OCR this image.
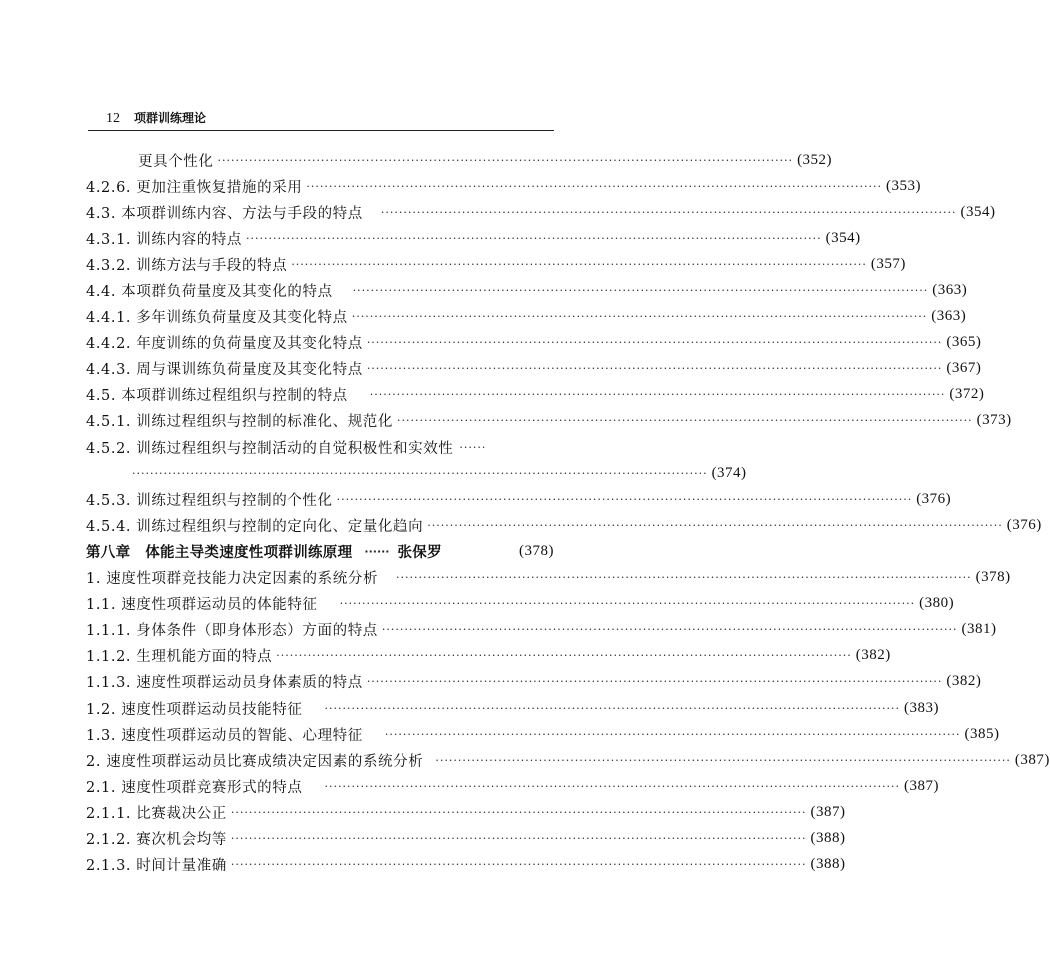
12 项群训练理论
更具个性化 ································································································································ (352)
4.2.6. 更加注重恢复措施的采用 ································································································································ (353)
4.3. 本项群训练内容、方法与手段的特点 ································································································································ (354)
4.3.1. 训练内容的特点 ································································································································ (354)
4.3.2. 训练方法与手段的特点 ································································································································ (357)
4.4. 本项群负荷量度及其变化的特点 ································································································································ (363)
4.4.1. 多年训练负荷量度及其变化特点 ································································································································ (363)
4.4.2. 年度训练的负荷量度及其变化特点 ································································································································ (365)
4.4.3. 周与课训练负荷量度及其变化特点 ································································································································ (367)
4.5. 本项群训练过程组织与控制的特点 ································································································································ (372)
4.5.1. 训练过程组织与控制的标准化、规范化 ································································································································ (373)
4.5.2. 训练过程组织与控制活动的自觉积极性和实效性 ······
································································································································ (374)
4.5.3. 训练过程组织与控制的个性化 ································································································································ (376)
4.5.4. 训练过程组织与控制的定向化、定量化趋向 ································································································································ (376)
第八章　体能主导类速度性项群训练原理 ······ 张保罗	(378)
1. 速度性项群竞技能力决定因素的系统分析 ································································································································ (378)
1.1. 速度性项群运动员的体能特征 ································································································································ (380)
1.1.1. 身体条件（即身体形态）方面的特点 ································································································································ (381)
1.1.2. 生理机能方面的特点 ································································································································ (382)
1.1.3. 速度性项群运动员身体素质的特点 ································································································································ (382)
1.2. 速度性项群运动员技能特征 ································································································································ (383)
1.3. 速度性项群运动员的智能、心理特征 ································································································································ (385)
2. 速度性项群运动员比赛成绩决定因素的系统分析 ································································································································ (387)
2.1. 速度性项群竞赛形式的特点 ································································································································ (387)
2.1.1. 比赛裁决公正 ································································································································ (387)
2.1.2. 赛次机会均等 ································································································································ (388)
2.1.3. 时间计量准确 ································································································································ (388)
